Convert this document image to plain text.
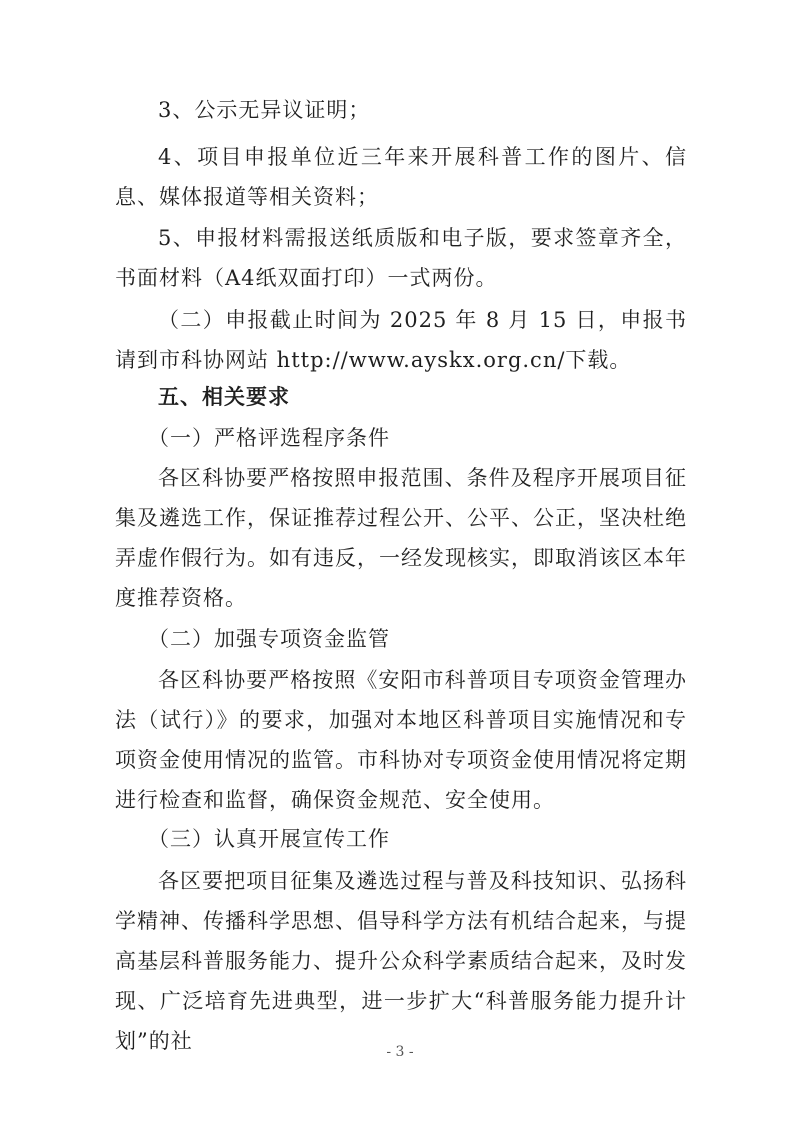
3、公示无异议证明；
4、项目申报单位近三年来开展科普工作的图片、信息、媒体报道等相关资料；
5、申报材料需报送纸质版和电子版，要求签章齐全，书面材料（A4纸双面打印）一式两份。
（二）申报截止时间为 2025 年 8 月 15 日，申报书请到市科协网站 http://www.ayskx.org.cn/下载。
五、相关要求
（一）严格评选程序条件
各区科协要严格按照申报范围、条件及程序开展项目征集及遴选工作，保证推荐过程公开、公平、公正，坚决杜绝弄虚作假行为。如有违反，一经发现核实，即取消该区本年度推荐资格。
（二）加强专项资金监管
各区科协要严格按照《安阳市科普项目专项资金管理办法（试行）》的要求，加强对本地区科普项目实施情况和专项资金使用情况的监管。市科协对专项资金使用情况将定期进行检查和监督，确保资金规范、安全使用。
（三）认真开展宣传工作
各区要把项目征集及遴选过程与普及科技知识、弘扬科学精神、传播科学思想、倡导科学方法有机结合起来，与提高基层科普服务能力、提升公众科学素质结合起来，及时发现、广泛培育先进典型，进一步扩大“科普服务能力提升计划”的社	- 3 -
